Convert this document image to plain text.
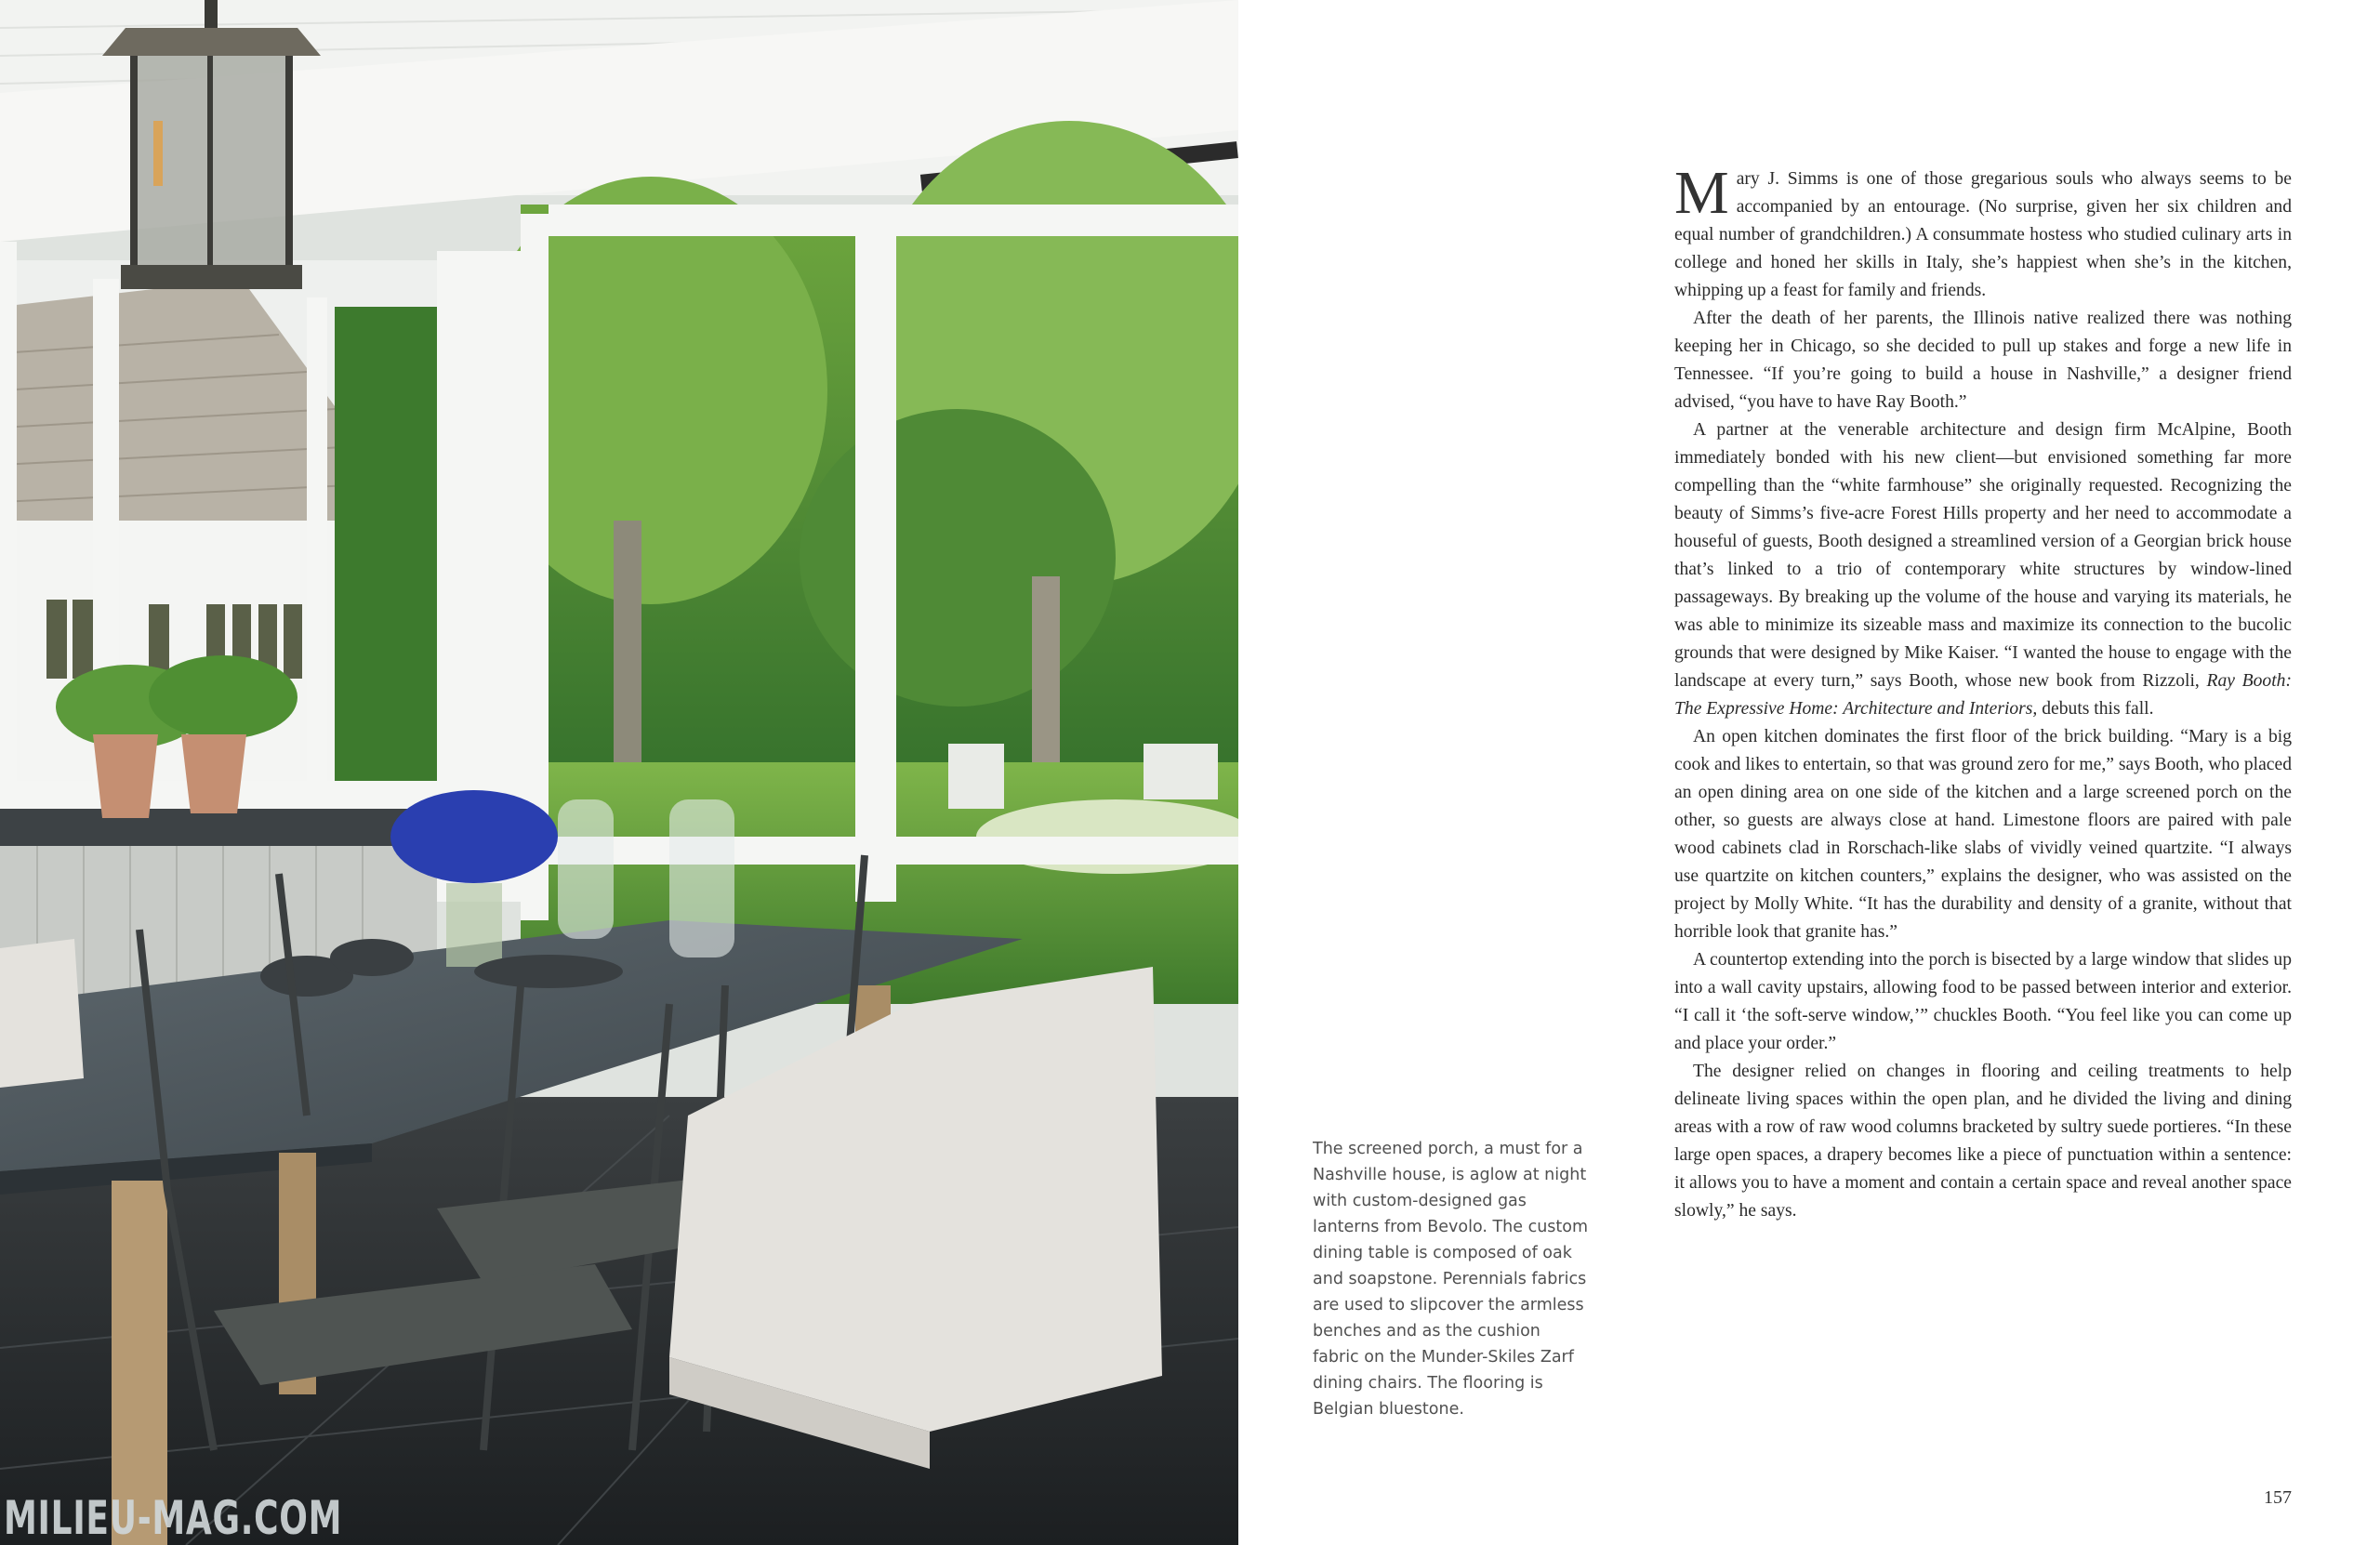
MILIEU-MAG.COM

The screened porch, a must for a Nashville house, is aglow at night with custom-designed gas lanterns from Bevolo. The custom dining table is composed of oak and soapstone. Perennials fabrics are used to slipcover the armless benches and as the cushion fabric on the Munder-Skiles Zarf dining chairs. The flooring is Belgian bluestone.

Mary J. Simms is one of those gregarious souls who always seems to be accompanied by an entourage. (No surprise, given her six children and equal number of grandchildren.) A consummate hostess who studied culinary arts in college and honed her skills in Italy, she’s happiest when she’s in the kitchen, whipping up a feast for family and friends.

After the death of her parents, the Illinois native realized there was nothing keeping her in Chicago, so she decided to pull up stakes and forge a new life in Tennessee. “If you’re going to build a house in Nashville,” a designer friend advised, “you have to have Ray Booth.”

A partner at the venerable architecture and design firm McAlpine, Booth immediately bonded with his new client—but envisioned something far more compelling than the “white farmhouse” she originally requested. Recognizing the beauty of Simms’s five-acre Forest Hills property and her need to accommodate a houseful of guests, Booth designed a streamlined version of a Georgian brick house that’s linked to a trio of contemporary white structures by window-lined passageways. By breaking up the volume of the house and varying its materials, he was able to minimize its sizeable mass and maximize its connection to the bucolic grounds that were designed by Mike Kaiser. “I wanted the house to engage with the landscape at every turn,” says Booth, whose new book from Rizzoli, Ray Booth: The Expressive Home: Architecture and Interiors, debuts this fall.

An open kitchen dominates the first floor of the brick building. “Mary is a big cook and likes to entertain, so that was ground zero for me,” says Booth, who placed an open dining area on one side of the kitchen and a large screened porch on the other, so guests are always close at hand. Limestone floors are paired with pale wood cabinets clad in Rorschach-like slabs of vividly veined quartzite. “I always use quartzite on kitchen counters,” explains the designer, who was assisted on the project by Molly White. “It has the durability and density of a granite, without that horrible look that granite has.”

A countertop extending into the porch is bisected by a large window that slides up into a wall cavity upstairs, allowing food to be passed between interior and exterior. “I call it ‘the soft-serve window,’” chuckles Booth. “You feel like you can come up and place your order.”

The designer relied on changes in flooring and ceiling treatments to help delineate living spaces within the open plan, and he divided the living and dining areas with a row of raw wood columns bracketed by sultry suede portieres. “In these large open spaces, a drapery becomes like a piece of punctuation within a sentence: it allows you to have a moment and contain a certain space and reveal another space slowly,” he says.

157
